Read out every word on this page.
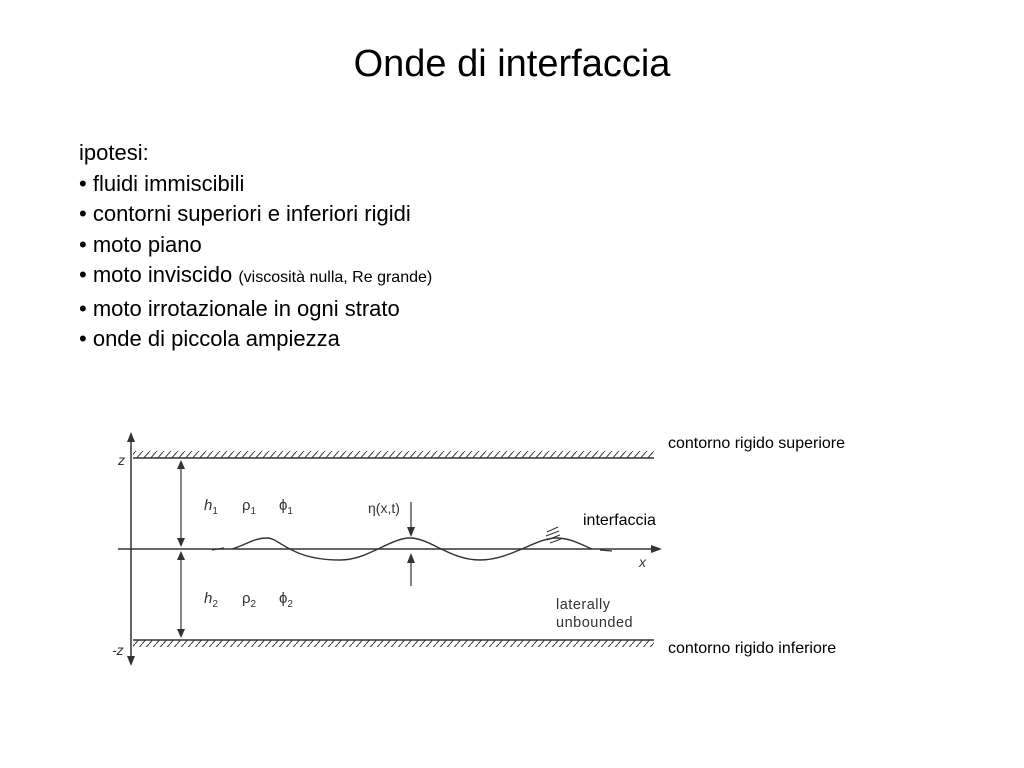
Onde di interfaccia
ipotesi:
• fluidi immiscibili
• contorni superiori e inferiori rigidi
• moto piano
• moto inviscido (viscosità nulla, Re grande)
• moto irrotazionale in ogni strato
• onde di piccola ampiezza
z
-z
x
η(x,t)
$h_1$ $\rho_1$ $\phi_1$
$h_2$ $\rho_2$ $\phi_2$	laterally
unbounded
contorno rigido superiore
interfaccia
contorno rigido inferiore
